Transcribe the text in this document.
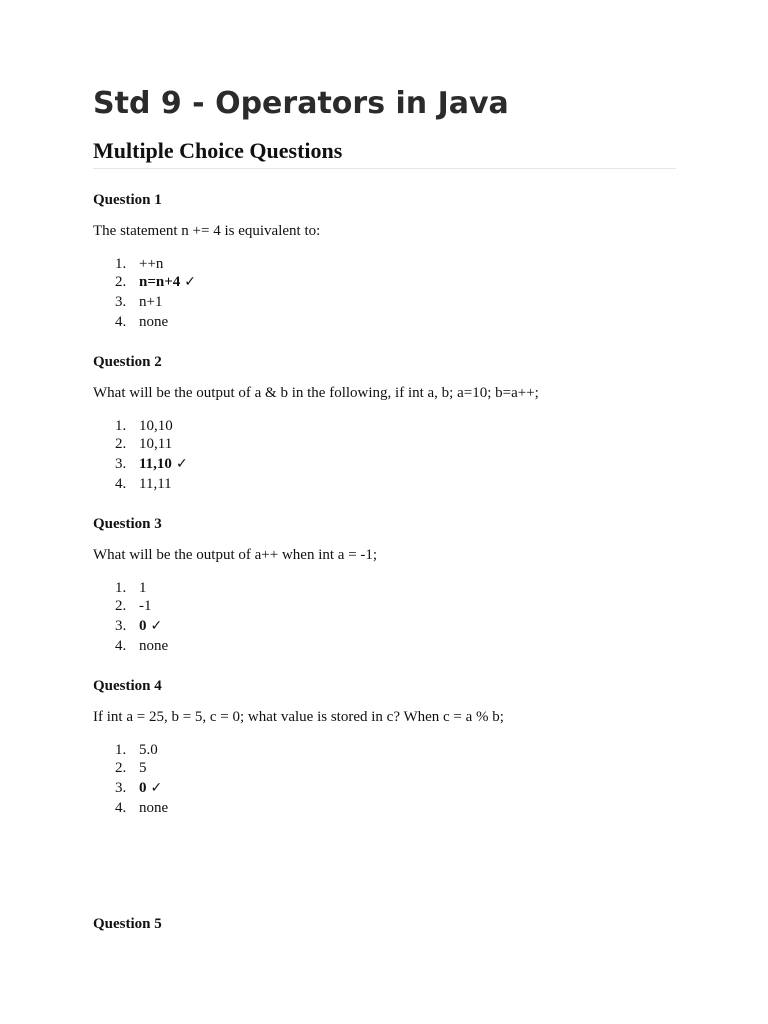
Std 9 - Operators in Java
Multiple Choice Questions
Question 1

The statement n += 4 is equivalent to:

1. ++n
2. n=n+4 ✓
3. n+1
4. none
Question 2

What will be the output of a & b in the following, if int a, b; a=10; b=a++;

1. 10,10
2. 10,11
3. 11,10 ✓
4. 11,11
Question 3

What will be the output of a++ when int a = -1;

1. 1
2. -1
3. 0 ✓
4. none
Question 4

If int a = 25, b = 5, c = 0; what value is stored in c? When c = a % b;

1. 5.0
2. 5
3. 0 ✓
4. none
Question 5
